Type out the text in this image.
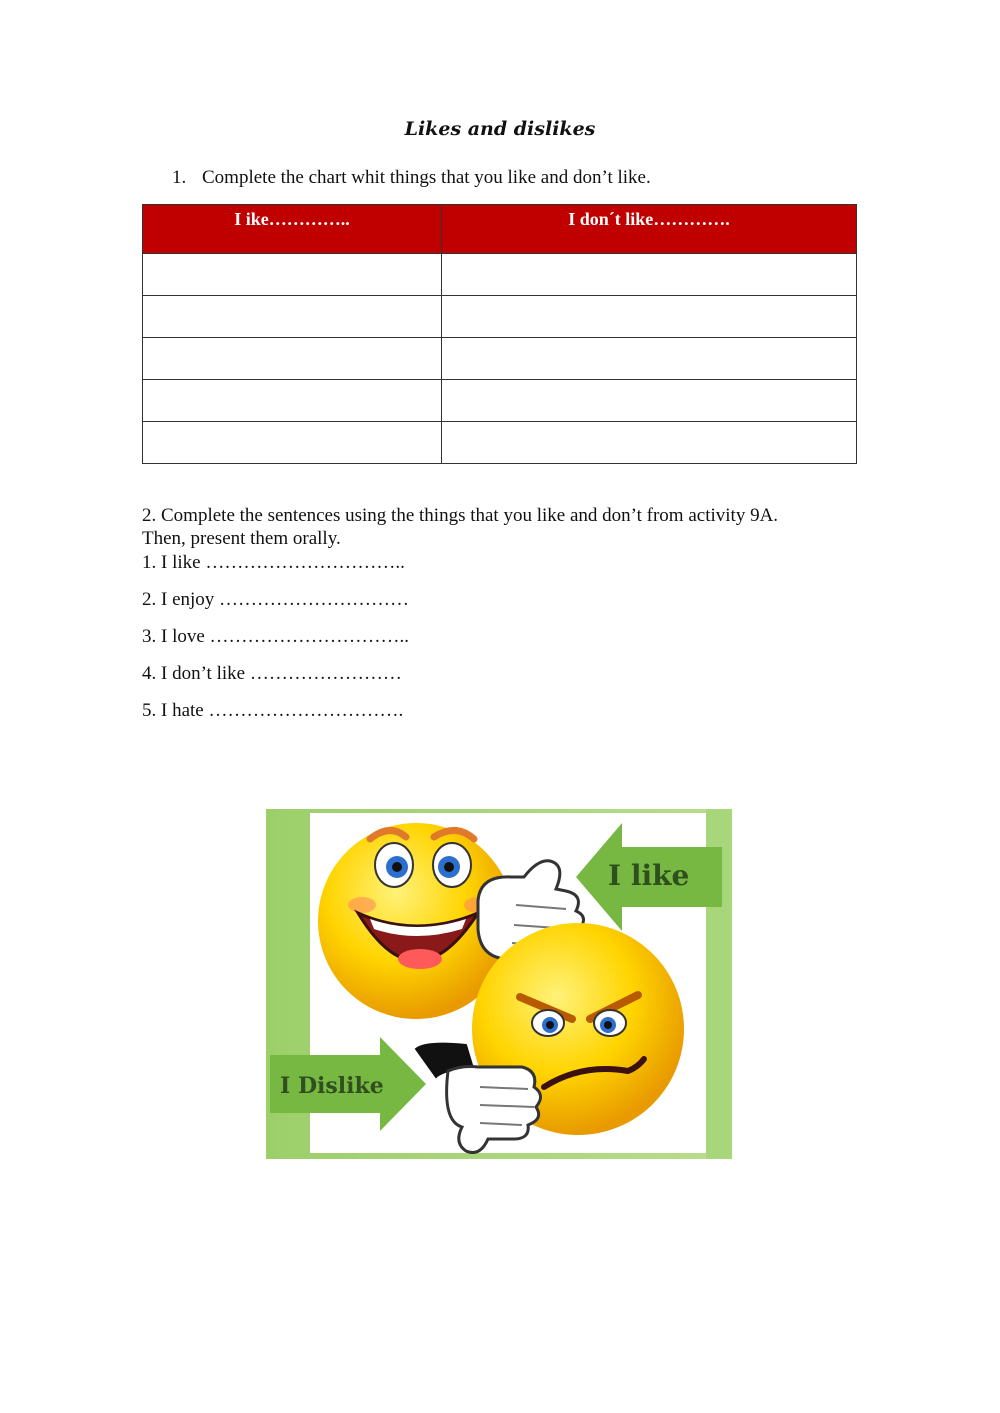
Likes and dislikes
1. Complete the chart whit things that you like and don’t like.
I ike…………..	I don´t like………….

2. Complete the sentences using the things that you like and don’t from activity 9A.
Then, present them orally.
1. I like …………………………..
2. I enjoy …………………………
3. I love …………………………..
4. I don’t like ……………………
5. I hate ………………………….
I like
I Dislike
